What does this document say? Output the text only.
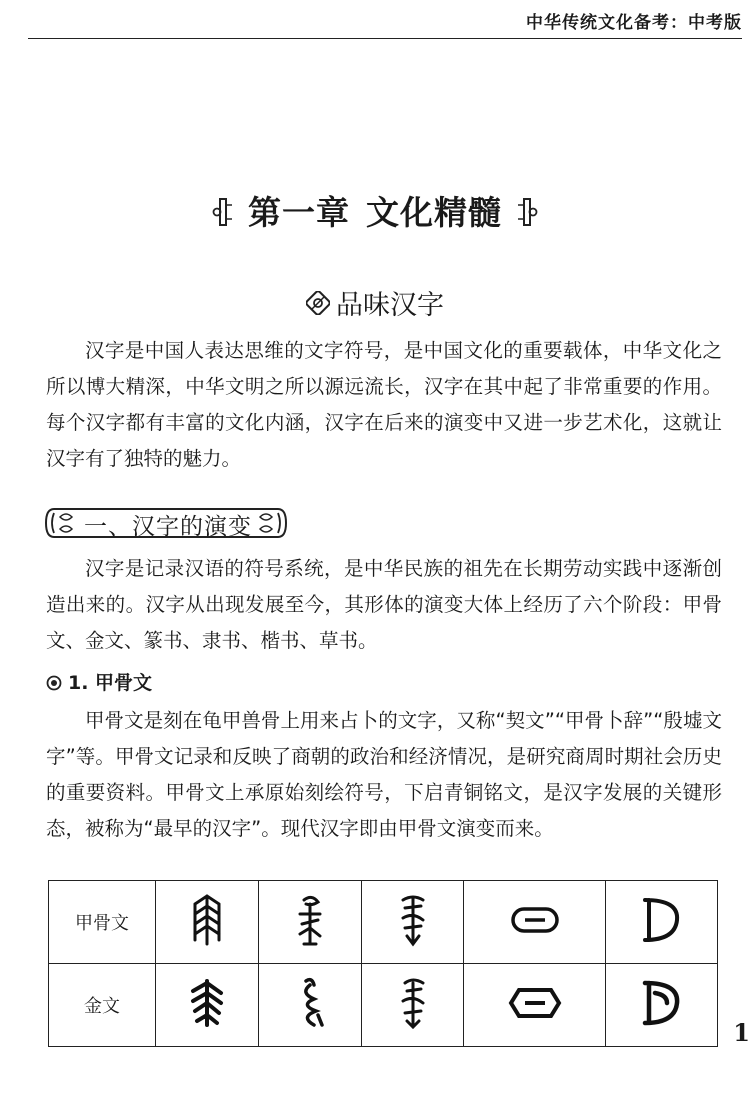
中华传统文化备考：中考版
第一章 文化精髓
品味汉字

汉字是中国人表达思维的文字符号，是中国文化的重要载体，中华文化之所以博大精深，中华文明之所以源远流长，汉字在其中起了非常重要的作用。每个汉字都有丰富的文化内涵，汉字在后来的演变中又进一步艺术化，这就让汉字有了独特的魅力。

一、汉字的演变

汉字是记录汉语的符号系统，是中华民族的祖先在长期劳动实践中逐渐创造出来的。汉字从出现发展至今，其形体的演变大体上经历了六个阶段：甲骨文、金文、篆书、隶书、楷书、草书。

1. 甲骨文

甲骨文是刻在龟甲兽骨上用来占卜的文字，又称“契文”“甲骨卜辞”“殷墟文字”等。甲骨文记录和反映了商朝的政治和经济情况，是研究商周时期社会历史的重要资料。甲骨文上承原始刻绘符号，下启青铜铭文，是汉字发展的关键形态，被称为“最早的汉字”。现代汉字即由甲骨文演变而来。

甲骨文					
金文					
1
